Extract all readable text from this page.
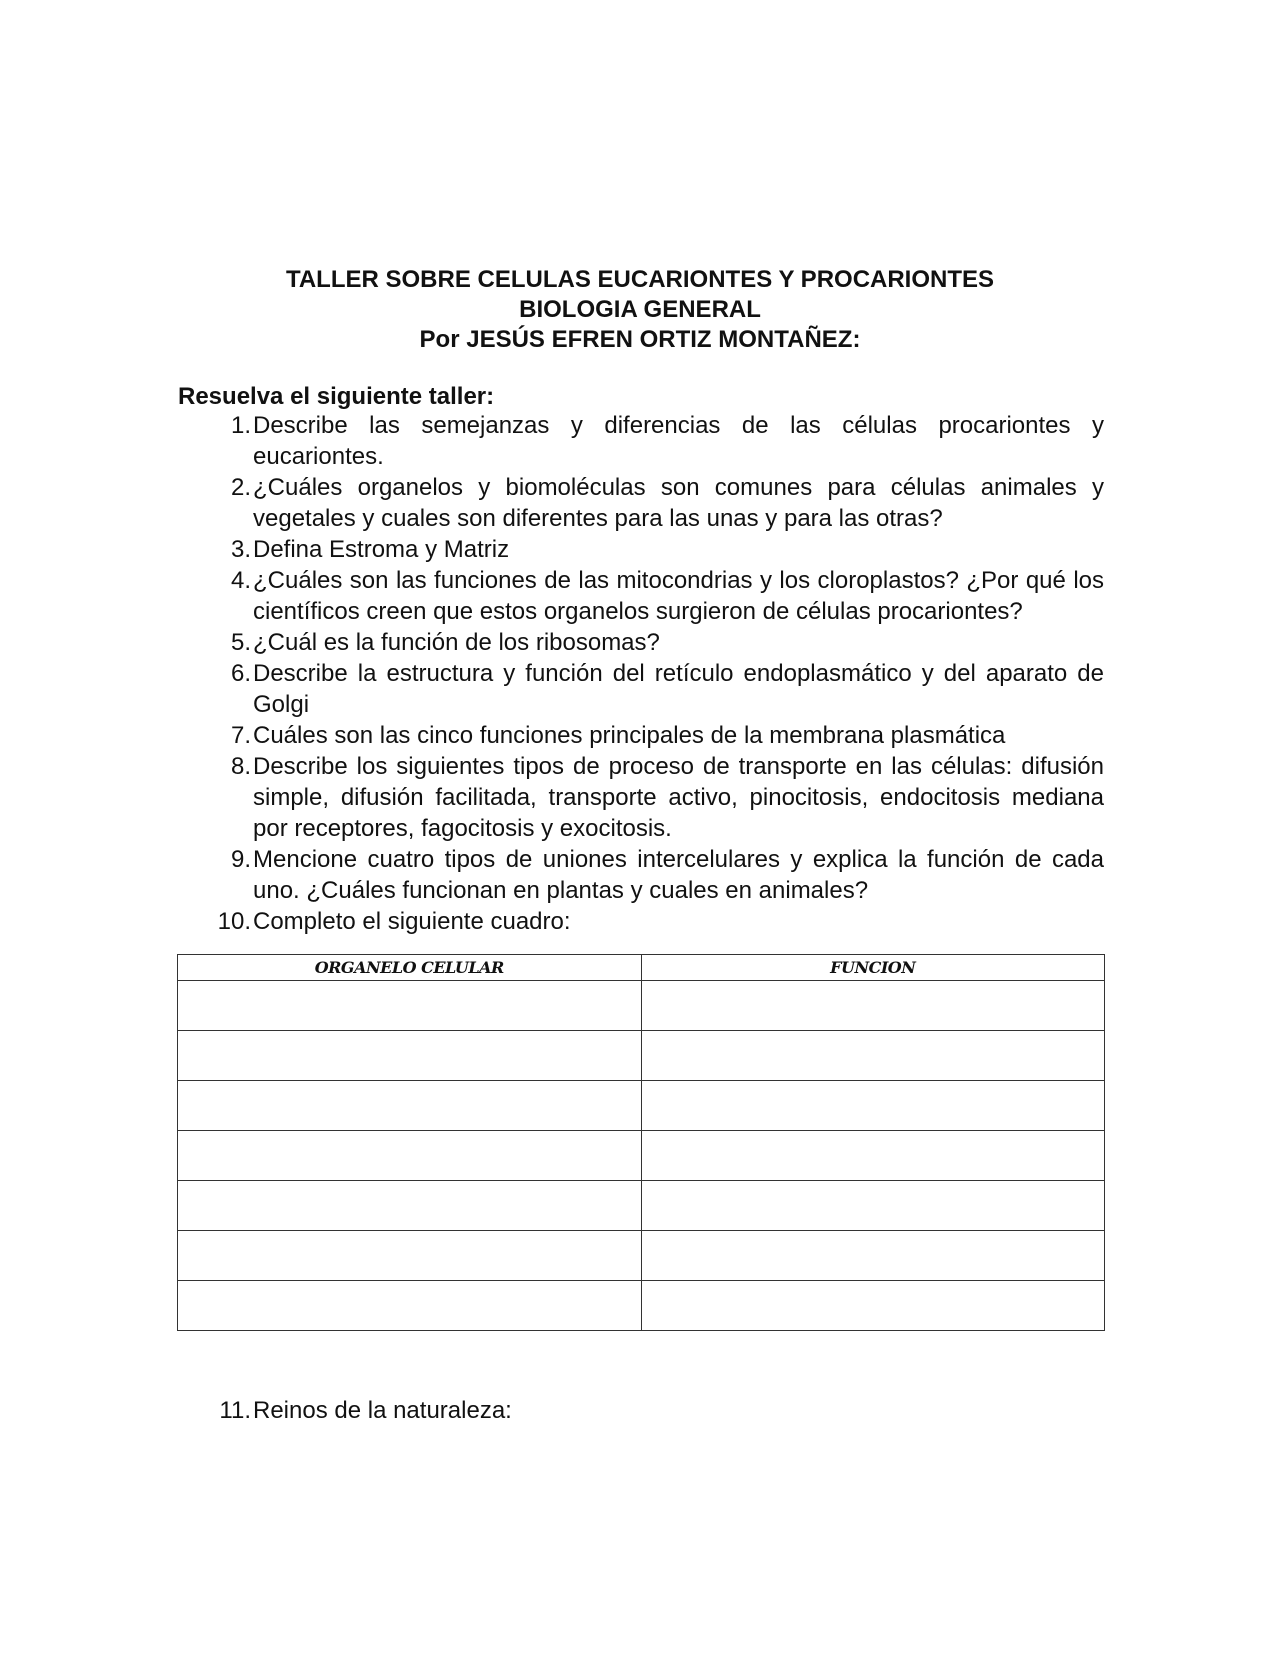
TALLER SOBRE CELULAS EUCARIONTES Y PROCARIONTES
BIOLOGIA GENERAL
Por JESÚS EFREN ORTIZ MONTAÑEZ:
Resuelva el siguiente taller:
1. Describe las semejanzas y diferencias de las células procariontes y eucariontes.
2. ¿Cuáles organelos y biomoléculas son comunes para células animales y vegetales y cuales son diferentes para las unas y para las otras?
3. Defina Estroma y Matriz
4. ¿Cuáles son las funciones de las mitocondrias y los cloroplastos? ¿Por qué los científicos creen que estos organelos surgieron de células procariontes?
5. ¿Cuál es la función de los ribosomas?
6. Describe la estructura y función del retículo endoplasmático y del aparato de Golgi
7. Cuáles son las cinco funciones principales de la membrana plasmática
8. Describe los siguientes tipos de proceso de transporte en las células: difusión simple, difusión facilitada, transporte activo, pinocitosis, endocitosis mediana por receptores, fagocitosis y exocitosis.
9. Mencione cuatro tipos de uniones intercelulares y explica la función de cada uno. ¿Cuáles funcionan en plantas y cuales en animales?
10. Completo el siguiente cuadro:
ORGANELO CELULAR	FUNCION

11. Reinos de la naturaleza:
